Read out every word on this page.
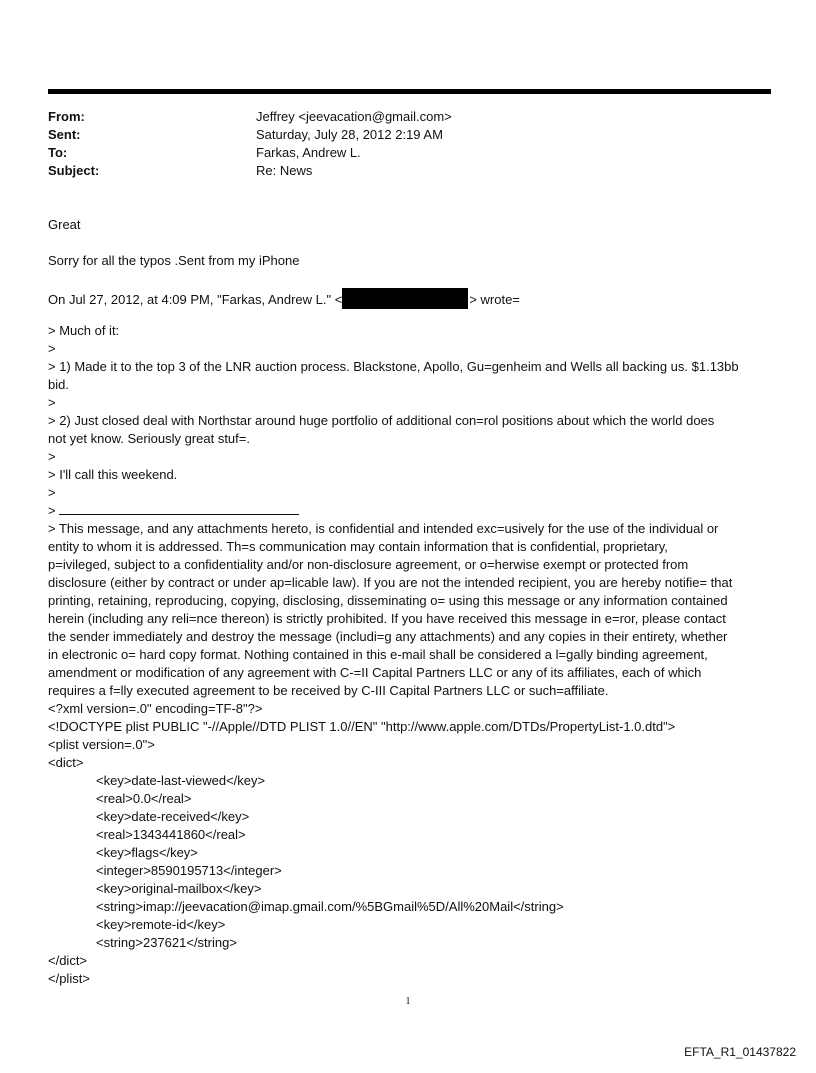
From:	Jeffrey <jeevacation@gmail.com>
Sent:	Saturday, July 28, 2012 2:19 AM
To:	Farkas, Andrew L.
Subject:	Re: News
Great
Sorry for all the typos .Sent from my iPhone
On Jul 27, 2012, at 4:09 PM, "Farkas, Andrew L." <	> wrote=
> Much of it:
>
> 1) Made it to the top 3 of the LNR auction process. Blackstone, Apollo, Gu=genheim and Wells all backing us. $1.13bb
bid.
>
> 2) Just closed deal with Northstar around huge portfolio of additional con=rol positions about which the world does
not yet know. Seriously great stuf=.
>
> I'll call this weekend.
>
>
> This message, and any attachments hereto, is confidential and intended exc=usively for the use of the individual or
entity to whom it is addressed. Th=s communication may contain information that is confidential, proprietary,
p=ivileged, subject to a confidentiality and/or non-disclosure agreement, or o=herwise exempt or protected from
disclosure (either by contract or under ap=licable law). If you are not the intended recipient, you are hereby notifie= that
printing, retaining, reproducing, copying, disclosing, disseminating o= using this message or any information contained
herein (including any reli=nce thereon) is strictly prohibited. If you have received this message in e=ror, please contact
the sender immediately and destroy the message (includi=g any attachments) and any copies in their entirety, whether
in electronic o= hard copy format. Nothing contained in this e-mail shall be considered a l=gally binding agreement,
amendment or modification of any agreement with C-=II Capital Partners LLC or any of its affiliates, each of which
requires a f=lly executed agreement to be received by C-III Capital Partners LLC or such=affiliate.
<?xml version=.0" encoding=TF-8"?>
<!DOCTYPE plist PUBLIC "-//Apple//DTD PLIST 1.0//EN" "http://www.apple.com/DTDs/PropertyList-1.0.dtd">
<plist version=.0">
<dict>
<key>date-last-viewed</key>
<real>0.0</real>
<key>date-received</key>
<real>1343441860</real>
<key>flags</key>
<integer>8590195713</integer>
<key>original-mailbox</key>
<string>imap://jeevacation@imap.gmail.com/%5BGmail%5D/All%20Mail</string>
<key>remote-id</key>
<string>237621</string>
</dict>
</plist>
1
EFTA_R1_01437822
